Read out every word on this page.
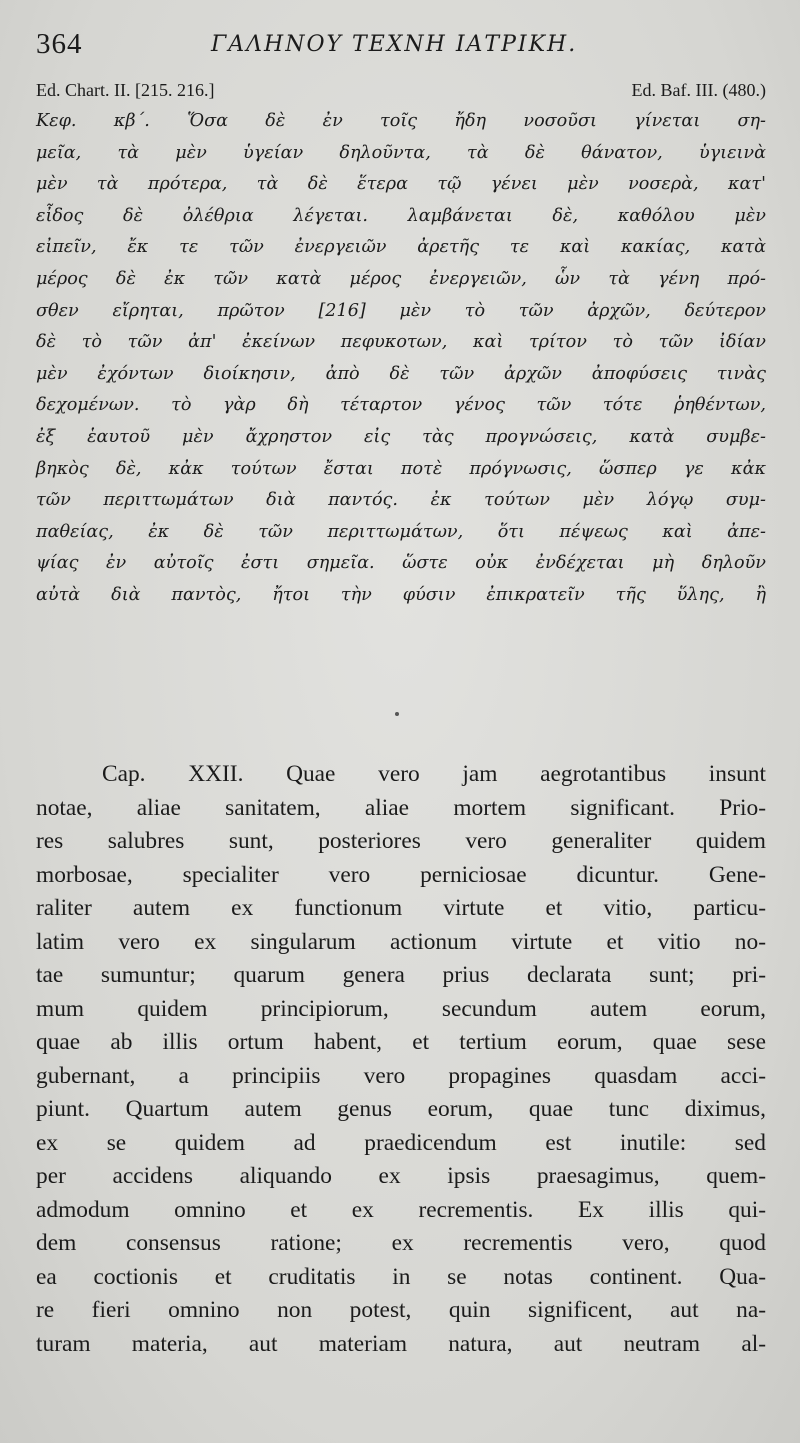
364	ΓΑΛΗΝΟΥ ΤΕΧΝΗ ΙΑΤΡΙΚΗ.
Ed. Chart. II. [215. 216.]	Ed. Baf. III. (480.)
Κεφ. κβ΄. Ὅσα δὲ ἐν τοῖς ἤδη νοσοῦσι γίνεται ση-
μεῖα, τὰ μὲν ὑγείαν δηλοῦντα, τὰ δὲ θάνατον, ὑγιεινὰ
μὲν τὰ πρότερα, τὰ δὲ ἕτερα τῷ γένει μὲν νοσερὰ, κατ'
εἶδος δὲ ὀλέθρια λέγεται. λαμβάνεται δὲ, καθόλου μὲν
εἰπεῖν, ἔκ τε τῶν ἐνεργειῶν ἀρετῆς τε καὶ κακίας, κατὰ
μέρος δὲ ἐκ τῶν κατὰ μέρος ἐνεργειῶν, ὧν τὰ γένη πρό-
σθεν εἴρηται, πρῶτον [216] μὲν τὸ τῶν ἀρχῶν, δεύτερον
δὲ τὸ τῶν ἀπ' ἐκείνων πεφυκοτων, καὶ τρίτον τὸ τῶν ἰδίαν
μὲν ἐχόντων διοίκησιν, ἀπὸ δὲ τῶν ἀρχῶν ἀποφύσεις τινὰς
δεχομένων. τὸ γὰρ δὴ τέταρτον γένος τῶν τότε ῥηθέντων,
ἐξ ἑαυτοῦ μὲν ἄχρηστον εἰς τὰς προγνώσεις, κατὰ συμβε-
βηκὸς δὲ, κἀκ τούτων ἔσται ποτὲ πρόγνωσις, ὥσπερ γε κἀκ
τῶν περιττωμάτων διὰ παντός. ἐκ τούτων μὲν λόγῳ συμ-
παθείας, ἐκ δὲ τῶν περιττωμάτων, ὅτι πέψεως καὶ ἀπε-
ψίας ἐν αὐτοῖς ἐστι σημεῖα. ὥστε οὐκ ἐνδέχεται μὴ δηλοῦν
αὐτὰ διὰ παντὸς, ἤτοι τὴν φύσιν ἐπικρατεῖν τῆς ὕλης, ἢ
Cap. XXII. Quae vero jam aegrotantibus insunt
notae, aliae sanitatem, aliae mortem significant. Prio-
res salubres sunt, posteriores vero generaliter quidem
morbosae, specialiter vero perniciosae dicuntur. Gene-
raliter autem ex functionum virtute et vitio, particu-
latim vero ex singularum actionum virtute et vitio no-
tae sumuntur; quarum genera prius declarata sunt; pri-
mum quidem principiorum, secundum autem eorum,
quae ab illis ortum habent, et tertium eorum, quae sese
gubernant, a principiis vero propagines quasdam acci-
piunt. Quartum autem genus eorum, quae tunc diximus,
ex se quidem ad praedicendum est inutile: sed
per accidens aliquando ex ipsis praesagimus, quem-
admodum omnino et ex recrementis. Ex illis qui-
dem consensus ratione; ex recrementis vero, quod
ea coctionis et cruditatis in se notas continent. Qua-
re fieri omnino non potest, quin significent, aut na-
turam materia, aut materiam natura, aut neutram al-
